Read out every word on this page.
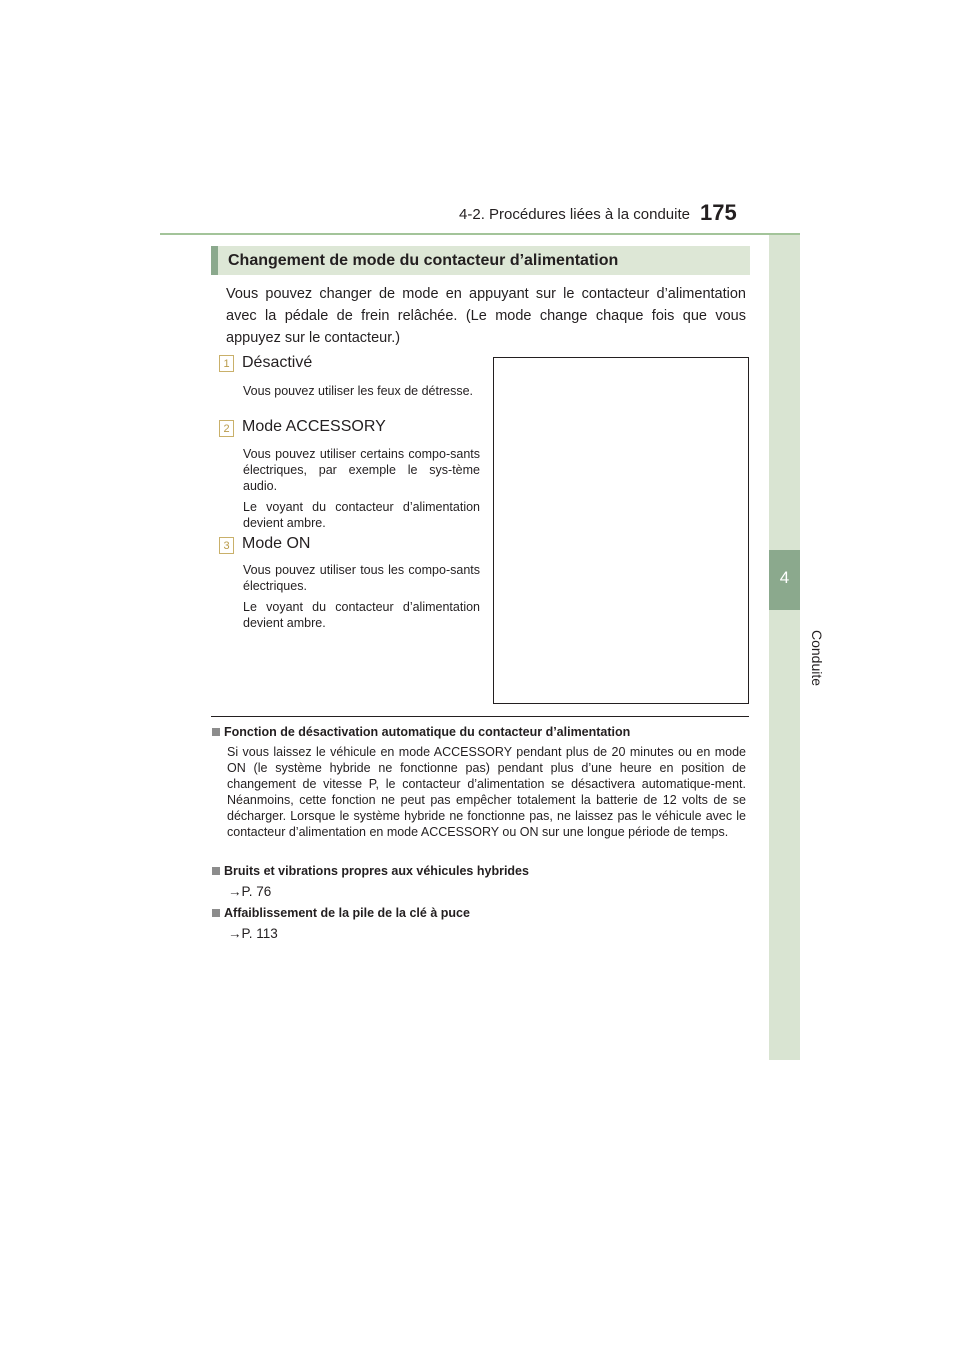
4-2. Procédures liées à la conduite 175
4
Conduite
Changement de mode du contacteur d’alimentation
Vous pouvez changer de mode en appuyant sur le contacteur d’alimentation avec la pédale de frein relâchée. (Le mode change chaque fois que vous appuyez sur le contacteur.)
1 Désactivé
Vous pouvez utiliser les feux de détresse.
2 Mode ACCESSORY
Vous pouvez utiliser certains compo-sants électriques, par exemple le sys-tème audio.
Le voyant du contacteur d’alimentation devient ambre.
3 Mode ON
Vous pouvez utiliser tous les compo-sants électriques.
Le voyant du contacteur d’alimentation devient ambre.
Fonction de désactivation automatique du contacteur d’alimentation
Si vous laissez le véhicule en mode ACCESSORY pendant plus de 20 minutes ou en mode ON (le système hybride ne fonctionne pas) pendant plus d’une heure en position de changement de vitesse P, le contacteur d’alimentation se désactivera automatique-ment. Néanmoins, cette fonction ne peut pas empêcher totalement la batterie de 12 volts de se décharger. Lorsque le système hybride ne fonctionne pas, ne laissez pas le véhicule avec le contacteur d’alimentation en mode ACCESSORY ou ON sur une longue période de temps.
Bruits et vibrations propres aux véhicules hybrides
→P. 76
Affaiblissement de la pile de la clé à puce
→P. 113
